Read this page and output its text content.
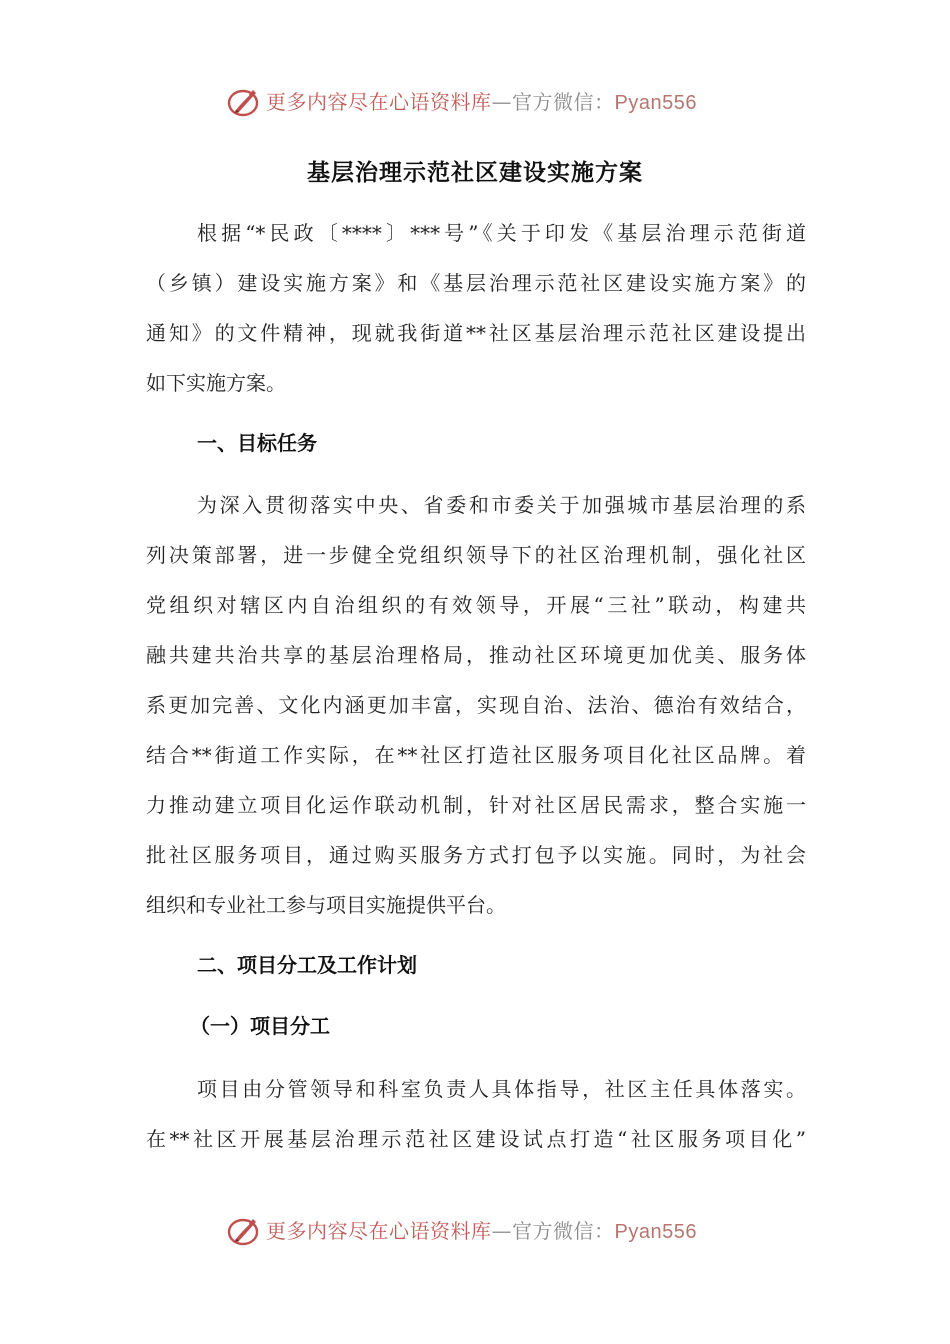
更多内容尽在心语资料库—官方微信：Pyan556
基层治理示范社区建设实施方案
根据“*民政〔****〕***号”《关于印发《基层治理示范街道
（乡镇）建设实施方案》和《基层治理示范社区建设实施方案》的
通知》的文件精神，现就我街道**社区基层治理示范社区建设提出
如下实施方案。
一、目标任务
为深入贯彻落实中央、省委和市委关于加强城市基层治理的系
列决策部署，进一步健全党组织领导下的社区治理机制，强化社区
党组织对辖区内自治组织的有效领导，开展“三社”联动，构建共
融共建共治共享的基层治理格局，推动社区环境更加优美、服务体
系更加完善、文化内涵更加丰富，实现自治、法治、德治有效结合，
结合**街道工作实际，在**社区打造社区服务项目化社区品牌。着
力推动建立项目化运作联动机制，针对社区居民需求，整合实施一
批社区服务项目，通过购买服务方式打包予以实施。同时，为社会
组织和专业社工参与项目实施提供平台。
二、项目分工及工作计划
（一）项目分工
项目由分管领导和科室负责人具体指导，社区主任具体落实。
在**社区开展基层治理示范社区建设试点打造“社区服务项目化”
更多内容尽在心语资料库—官方微信：Pyan556
